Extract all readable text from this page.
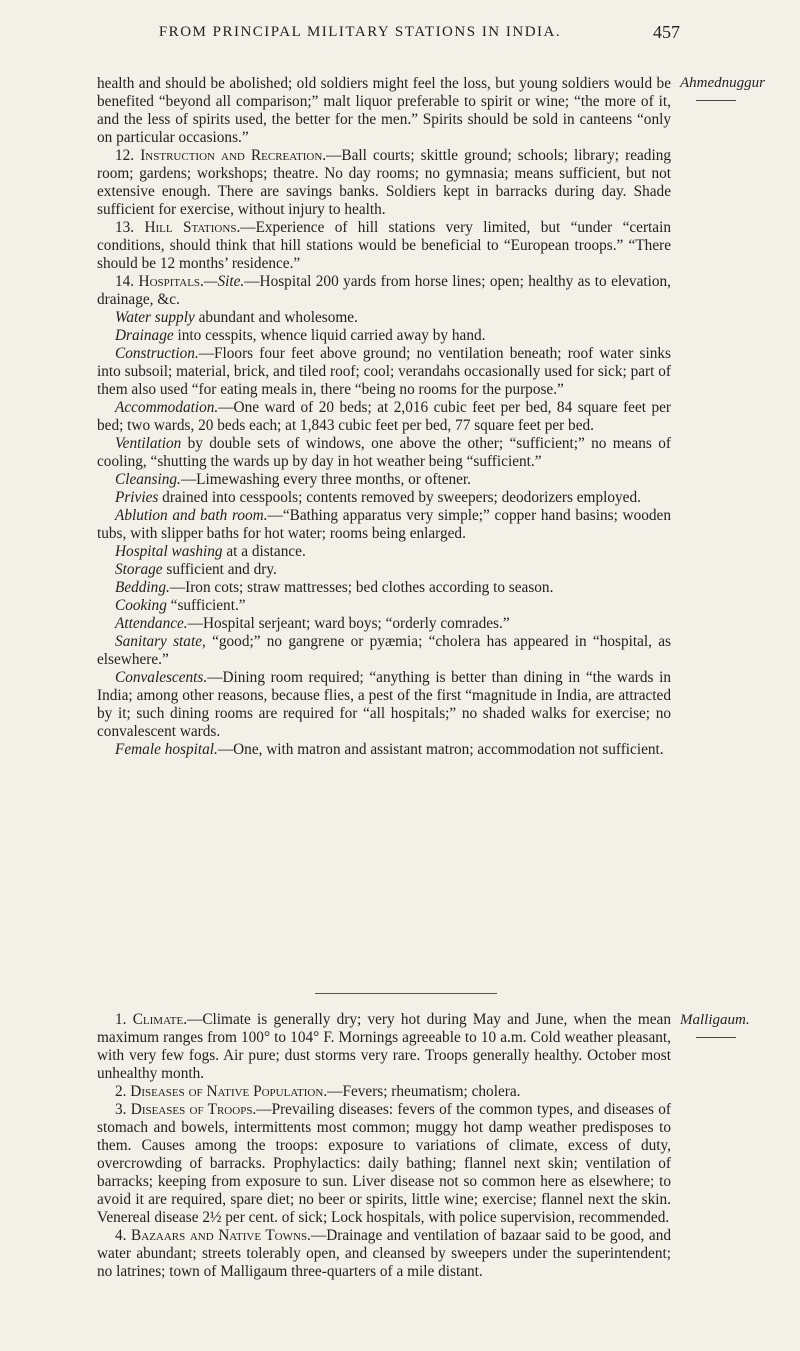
FROM PRINCIPAL MILITARY STATIONS IN INDIA.	457
Ahmednuggur

health and should be abolished; old soldiers might feel the loss, but young soldiers would be benefited “beyond all comparison;” malt liquor preferable to spirit or wine; “the more of it, and the less of spirits used, the better for the men.” Spirits should be sold in canteens “only on particular occasions.”

12. Instruction and Recreation.—Ball courts; skittle ground; schools; library; reading room; gardens; workshops; theatre. No day rooms; no gymnasia; means sufficient, but not extensive enough. There are savings banks. Soldiers kept in barracks during day. Shade sufficient for exercise, without injury to health.

13. Hill Stations.—Experience of hill stations very limited, but “under “certain conditions, should think that hill stations would be beneficial to “European troops.” “There should be 12 months’ residence.”

14. Hospitals.—Site.—Hospital 200 yards from horse lines; open; healthy as to elevation, drainage, &c.

Water supply abundant and wholesome.

Drainage into cesspits, whence liquid carried away by hand.

Construction.—Floors four feet above ground; no ventilation beneath; roof water sinks into subsoil; material, brick, and tiled roof; cool; verandahs occasionally used for sick; part of them also used “for eating meals in, there “being no rooms for the purpose.”

Accommodation.—One ward of 20 beds; at 2,016 cubic feet per bed, 84 square feet per bed; two wards, 20 beds each; at 1,843 cubic feet per bed, 77 square feet per bed.

Ventilation by double sets of windows, one above the other; “sufficient;” no means of cooling, “shutting the wards up by day in hot weather being “sufficient.”

Cleansing.—Limewashing every three months, or oftener.

Privies drained into cesspools; contents removed by sweepers; deodorizers employed.

Ablution and bath room.—“Bathing apparatus very simple;” copper hand basins; wooden tubs, with slipper baths for hot water; rooms being enlarged.

Hospital washing at a distance.

Storage sufficient and dry.

Bedding.—Iron cots; straw mattresses; bed clothes according to season.

Cooking “sufficient.”

Attendance.—Hospital serjeant; ward boys; “orderly comrades.”

Sanitary state, “good;” no gangrene or pyæmia; “cholera has appeared in “hospital, as elsewhere.”

Convalescents.—Dining room required; “anything is better than dining in “the wards in India; among other reasons, because flies, a pest of the first “magnitude in India, are attracted by it; such dining rooms are required for “all hospitals;” no shaded walks for exercise; no convalescent wards.

Female hospital.—One, with matron and assistant matron; accommodation not sufficient.

Malligaum.

1. Climate.—Climate is generally dry; very hot during May and June, when the mean maximum ranges from 100° to 104° F. Mornings agreeable to 10 a.m. Cold weather pleasant, with very few fogs. Air pure; dust storms very rare. Troops generally healthy. October most unhealthy month.

2. Diseases of Native Population.—Fevers; rheumatism; cholera.

3. Diseases of Troops.—Prevailing diseases: fevers of the common types, and diseases of stomach and bowels, intermittents most common; muggy hot damp weather predisposes to them. Causes among the troops: exposure to variations of climate, excess of duty, overcrowding of barracks. Prophylactics: daily bathing; flannel next skin; ventilation of barracks; keeping from exposure to sun. Liver disease not so common here as elsewhere; to avoid it are required, spare diet; no beer or spirits, little wine; exercise; flannel next the skin. Venereal disease 2½ per cent. of sick; Lock hospitals, with police supervision, recommended.

4. Bazaars and Native Towns.—Drainage and ventilation of bazaar said to be good, and water abundant; streets tolerably open, and cleansed by sweepers under the superintendent; no latrines; town of Malligaum three-quarters of a mile distant.
